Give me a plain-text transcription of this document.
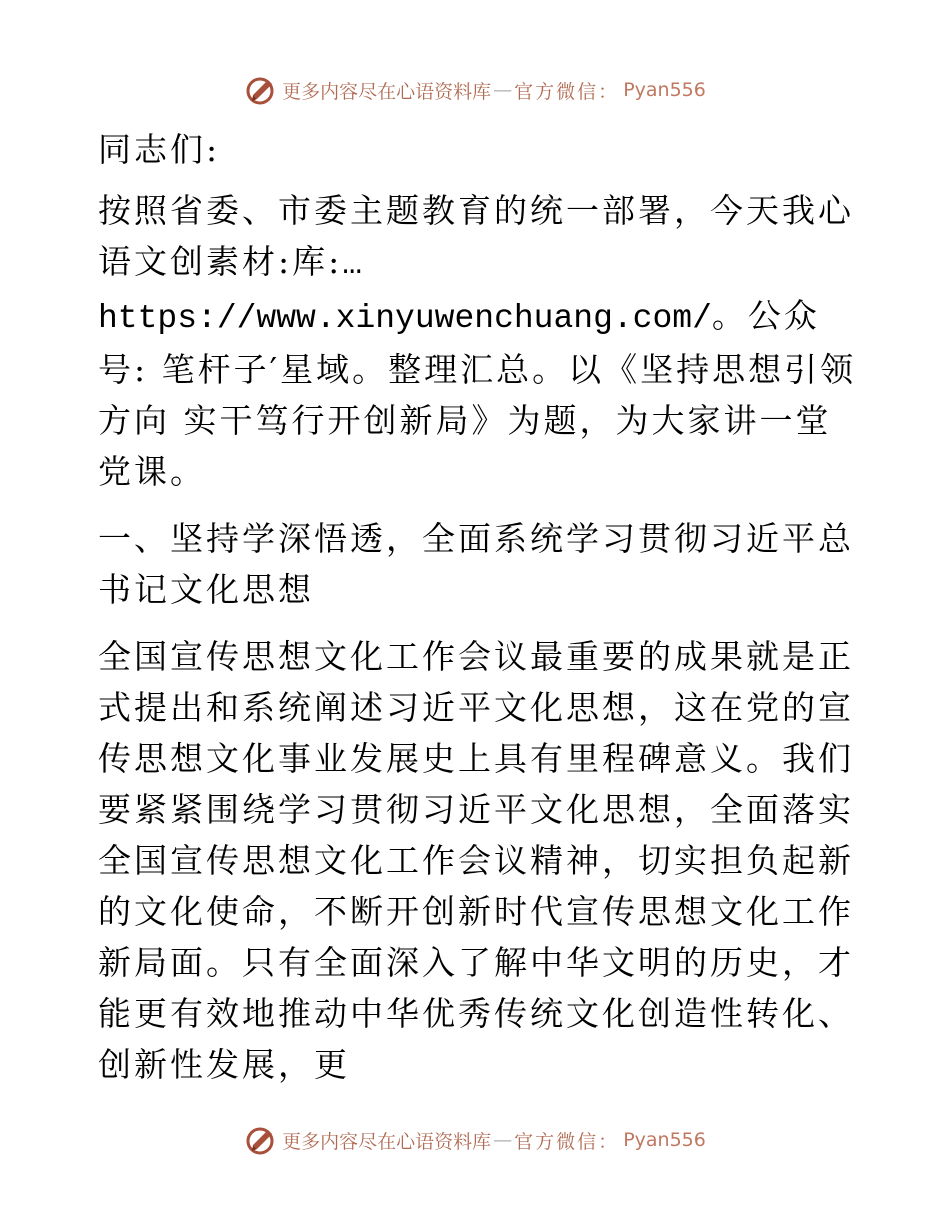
更多内容尽在心语资料库 — 官方微信： Pyan556

同志们:

按照省委、市委主题教育的统一部署，今天我心语文创素材:库:…https://www.xinyuwenchuang.com/。公众号: 笔杆子′星域。整理汇总。以《坚持思想引领方向 实干笃行开创新局》为题，为大家讲一堂党课。

一、坚持学深悟透，全面系统学习贯彻习近平总书记文化思想

全国宣传思想文化工作会议最重要的成果就是正式提出和系统阐述习近平文化思想，这在党的宣传思想文化事业发展史上具有里程碑意义。我们要紧紧围绕学习贯彻习近平文化思想，全面落实全国宣传思想文化工作会议精神，切实担负起新的文化使命，不断开创新时代宣传思想文化工作新局面。只有全面深入了解中华文明的历史，才能更有效地推动中华优秀传统文化创造性转化、创新性发展，更

更多内容尽在心语资料库 — 官方微信： Pyan556
